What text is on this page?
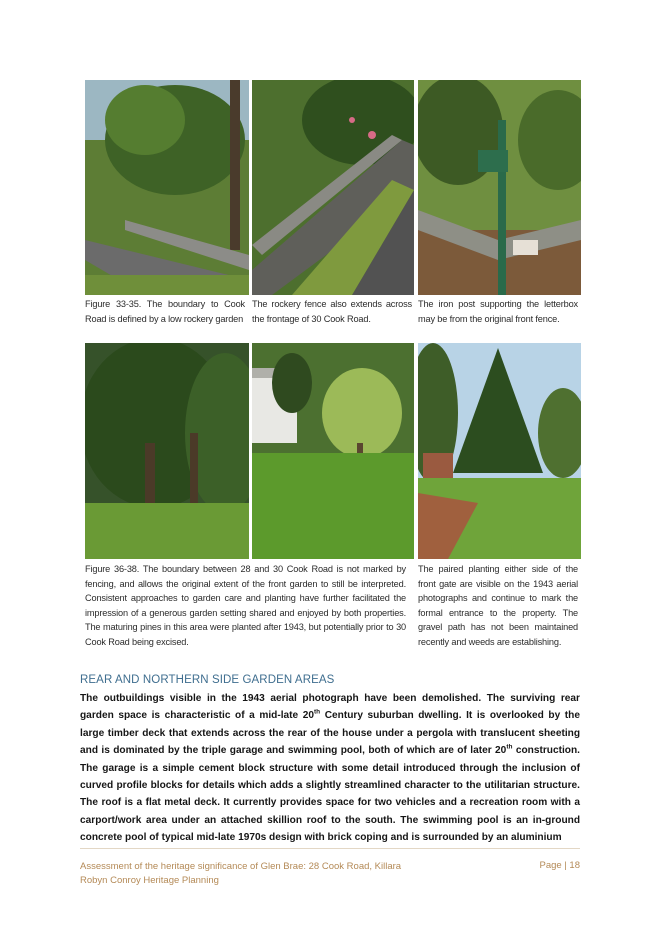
Figure 33-35. The boundary to Cook Road is defined by a low rockery garden
The rockery fence also extends across the frontage of 30 Cook Road.
The iron post supporting the letterbox may be from the original front fence.
Figure 36-38. The boundary between 28 and 30 Cook Road is not marked by fencing, and allows the original extent of the front garden to still be interpreted. Consistent approaches to garden care and planting have further facilitated the impression of a generous garden setting shared and enjoyed by both properties. The maturing pines in this area were planted after 1943, but potentially prior to 30 Cook Road being excised.
The paired planting either side of the front gate are visible on the 1943 aerial photographs and continue to mark the formal entrance to the property. The gravel path has not been maintained recently and weeds are establishing.
REAR AND NORTHERN SIDE GARDEN AREAS
The outbuildings visible in the 1943 aerial photograph have been demolished. The surviving rear garden space is characteristic of a mid-late 20th Century suburban dwelling. It is overlooked by the large timber deck that extends across the rear of the house under a pergola with translucent sheeting and is dominated by the triple garage and swimming pool, both of which are of later 20th construction. The garage is a simple cement block structure with some detail introduced through the inclusion of curved profile blocks for details which adds a slightly streamlined character to the utilitarian structure. The roof is a flat metal deck. It currently provides space for two vehicles and a recreation room with a carport/work area under an attached skillion roof to the south. The swimming pool is an in-ground concrete pool of typical mid-late 1970s design with brick coping and is surrounded by an aluminium
Assessment of the heritage significance of Glen Brae: 28 Cook Road, Killara
Robyn Conroy Heritage Planning
Page | 18
